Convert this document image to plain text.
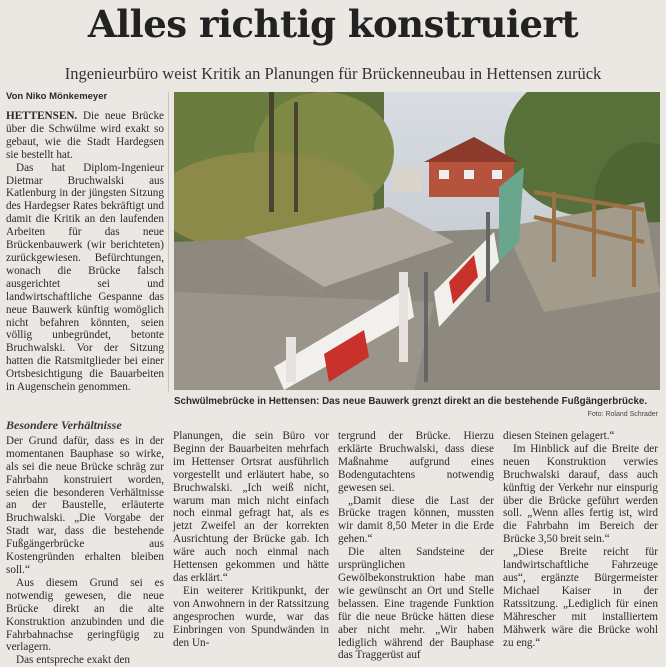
Alles richtig konstruiert
Ingenieurbüro weist Kritik an Planungen für Brückenneubau in Hettensen zurück
Von Niko Mönkemeyer

HETTENSEN. Die neue Brücke über die Schwülme wird exakt so gebaut, wie die Stadt Hardegsen sie bestellt hat.

Das hat Diplom-Ingenieur Dietmar Bruchwalski aus Katlenburg in der jüngsten Sitzung des Hardegser Rates bekräftigt und damit die Kritik an den laufenden Arbeiten für das neue Brückenbauwerk (wir berichteten) zurückgewiesen. Befürchtungen, wonach die Brücke falsch ausgerichtet sei und landwirtschaftliche Gespanne das neue Bauwerk künftig womöglich nicht befahren könnten, seien völlig unbegründet, betonte Bruchwalski. Vor der Sitzung hatten die Ratsmitglieder bei einer Ortsbesichtigung die Bauarbeiten in Augenschein genommen.

Besondere Verhältnisse

Der Grund dafür, dass es in der momentanen Bauphase so wirke, als sei die neue Brücke schräg zur Fahrbahn konstruiert worden, seien die besonderen Verhältnisse an der Baustelle, erläuterte Bruchwalski. „Die Vorgabe der Stadt war, dass die bestehende Fußgängerbrücke aus Kostengründen erhalten bleiben soll.“

Aus diesem Grund sei es notwendig gewesen, die neue Brücke direkt an die alte Konstruktion anzubinden und die Fahrbahnachse geringfügig zu verlagern.

Das entspreche exakt den

Schwülmebrücke in Hettensen: Das neue Bauwerk grenzt direkt an die bestehende Fußgängerbrücke.
Foto: Roland Schrader

Planungen, die sein Büro vor Beginn der Bauarbeiten mehrfach im Hettenser Ortsrat ausführlich vorgestellt und erläutert habe, so Bruchwalski. „Ich weiß nicht, warum man mich nicht einfach noch einmal gefragt hat, als es jetzt Zweifel an der korrekten Ausrichtung der Brücke gab. Ich wäre auch noch einmal nach Hettensen gekommen und hätte das erklärt.“

Ein weiterer Kritikpunkt, der von Anwohnern in der Ratssitzung angesprochen wurde, war das Einbringen von Spundwänden in den Un-

tergrund der Brücke. Hierzu erklärte Bruchwalski, dass diese Maßnahme aufgrund eines Bodengutachtens notwendig gewesen sei.

„Damit diese die Last der Brücke tragen können, mussten wir damit 8,50 Meter in die Erde gehen.“

Die alten Sandsteine der ursprünglichen Gewölbekonstruktion habe man wie gewünscht an Ort und Stelle belassen. Eine tragende Funktion für die neue Brücke hätten diese aber nicht mehr. „Wir haben lediglich während der Bauphase das Traggerüst auf

diesen Steinen gelagert.“

Im Hinblick auf die Breite der neuen Konstruktion verwies Bruchwalski darauf, dass auch künftig der Verkehr nur einspurig über die Brücke geführt werden soll. „Wenn alles fertig ist, wird die Fahrbahn im Bereich der Brücke 3,50 breit sein.“

„Diese Breite reicht für landwirtschaftliche Fahrzeuge aus“, ergänzte Bürgermeister Michael Kaiser in der Ratssitzung. „Lediglich für einen Mährescher mit installiertem Mähwerk wäre die Brücke wohl zu eng.“
